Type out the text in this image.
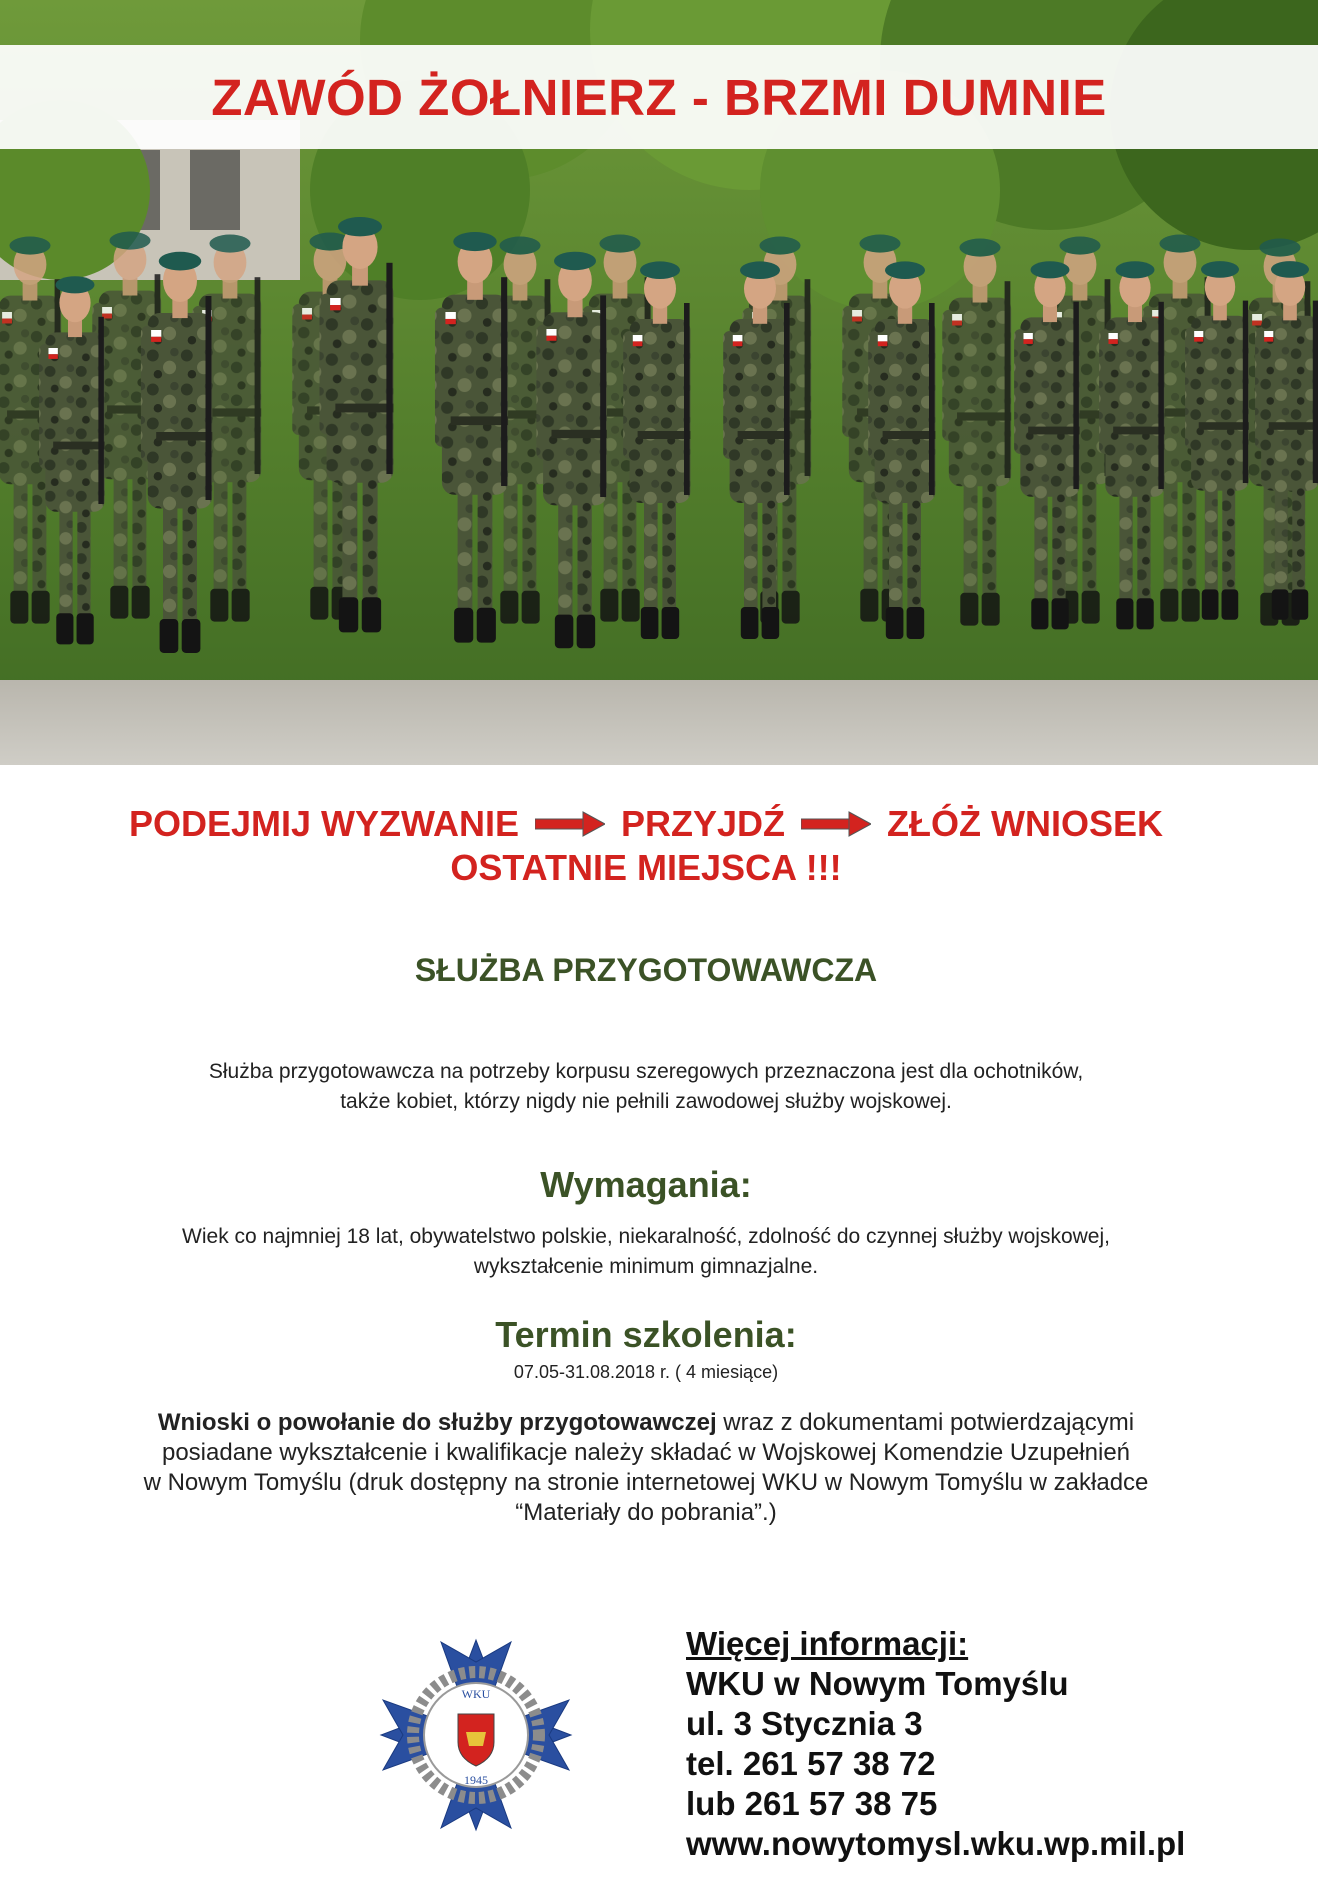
ZAWÓD ŻOŁNIERZ - BRZMI DUMNIE
PODEJMIJ WYZWANIE	PRZYJDŹ	ZŁÓŻ WNIOSEK
OSTATNIE MIEJSCA !!!
SŁUŻBA PRZYGOTOWAWCZA
Służba przygotowawcza na potrzeby korpusu szeregowych przeznaczona jest dla ochotników,
także kobiet, którzy nigdy nie pełnili zawodowej służby wojskowej.
Wymagania:
Wiek co najmniej 18 lat, obywatelstwo polskie, niekaralność, zdolność do czynnej służby wojskowej,
wykształcenie minimum gimnazjalne.
Termin szkolenia:
07.05-31.08.2018 r. ( 4 miesiące)
Wnioski o powołanie do służby przygotowawczej wraz z dokumentami potwierdzającymi
posiadane wykształcenie i kwalifikacje należy składać w Wojskowej Komendzie Uzupełnień
w Nowym Tomyślu (druk dostępny na stronie internetowej WKU w Nowym Tomyślu w zakładce
“Materiały do pobrania”.)
WKU
1945
Więcej informacji:
WKU w Nowym Tomyślu
ul. 3 Stycznia 3
tel. 261 57 38 72
lub 261 57 38 75
www.nowytomysl.wku.wp.mil.pl
